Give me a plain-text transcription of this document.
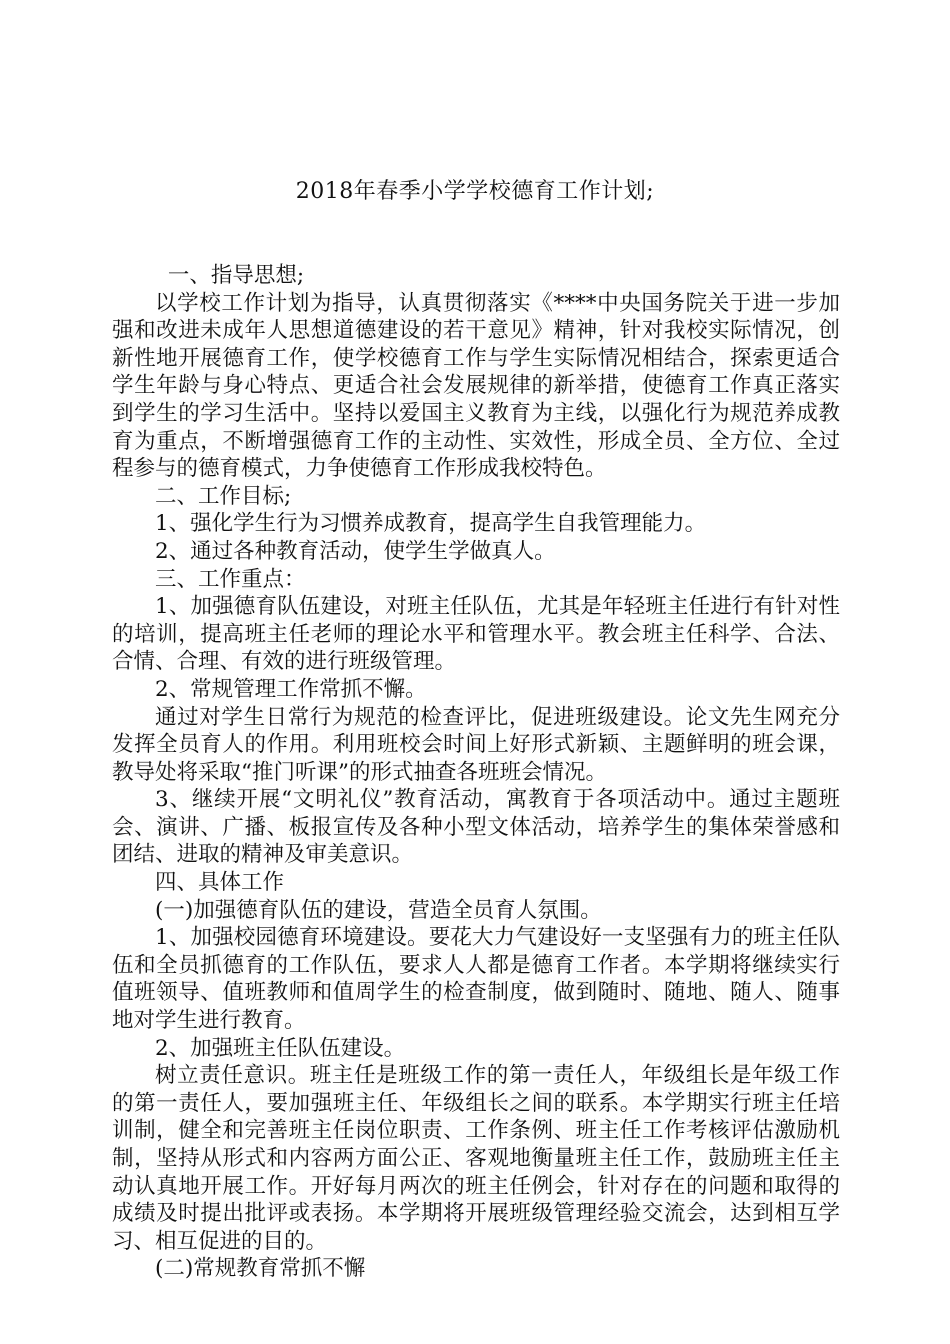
2018年春季小学学校德育工作计划;

一、指导思想;

以学校工作计划为指导，认真贯彻落实《****中央国务院关于进一步加强和改进未成年人思想道德建设的若干意见》精神，针对我校实际情况，创新性地开展德育工作，使学校德育工作与学生实际情况相结合，探索更适合学生年龄与身心特点、更适合社会发展规律的新举措，使德育工作真正落实到学生的学习生活中。坚持以爱国主义教育为主线，以强化行为规范养成教育为重点，不断增强德育工作的主动性、实效性，形成全员、全方位、全过程参与的德育模式，力争使德育工作形成我校特色。

二、工作目标;

1、强化学生行为习惯养成教育，提高学生自我管理能力。

2、通过各种教育活动，使学生学做真人。

三、工作重点：

1、加强德育队伍建设，对班主任队伍，尤其是年轻班主任进行有针对性的培训，提高班主任老师的理论水平和管理水平。教会班主任科学、合法、合情、合理、有效的进行班级管理。

2、常规管理工作常抓不懈。

通过对学生日常行为规范的检查评比，促进班级建设。论文先生网充分发挥全员育人的作用。利用班校会时间上好形式新颖、主题鲜明的班会课，教导处将采取“推门听课”的形式抽查各班班会情况。

3、继续开展“文明礼仪”教育活动，寓教育于各项活动中。通过主题班会、演讲、广播、板报宣传及各种小型文体活动，培养学生的集体荣誉感和团结、进取的精神及审美意识。

四、具体工作

(一)加强德育队伍的建设，营造全员育人氛围。

1、加强校园德育环境建设。要花大力气建设好一支坚强有力的班主任队伍和全员抓德育的工作队伍，要求人人都是德育工作者。本学期将继续实行值班领导、值班教师和值周学生的检查制度，做到随时、随地、随人、随事地对学生进行教育。

2、加强班主任队伍建设。

树立责任意识。班主任是班级工作的第一责任人，年级组长是年级工作的第一责任人，要加强班主任、年级组长之间的联系。本学期实行班主任培训制，健全和完善班主任岗位职责、工作条例、班主任工作考核评估激励机制，坚持从形式和内容两方面公正、客观地衡量班主任工作，鼓励班主任主动认真地开展工作。开好每月两次的班主任例会，针对存在的问题和取得的成绩及时提出批评或表扬。本学期将开展班级管理经验交流会，达到相互学习、相互促进的目的。

(二)常规教育常抓不懈
